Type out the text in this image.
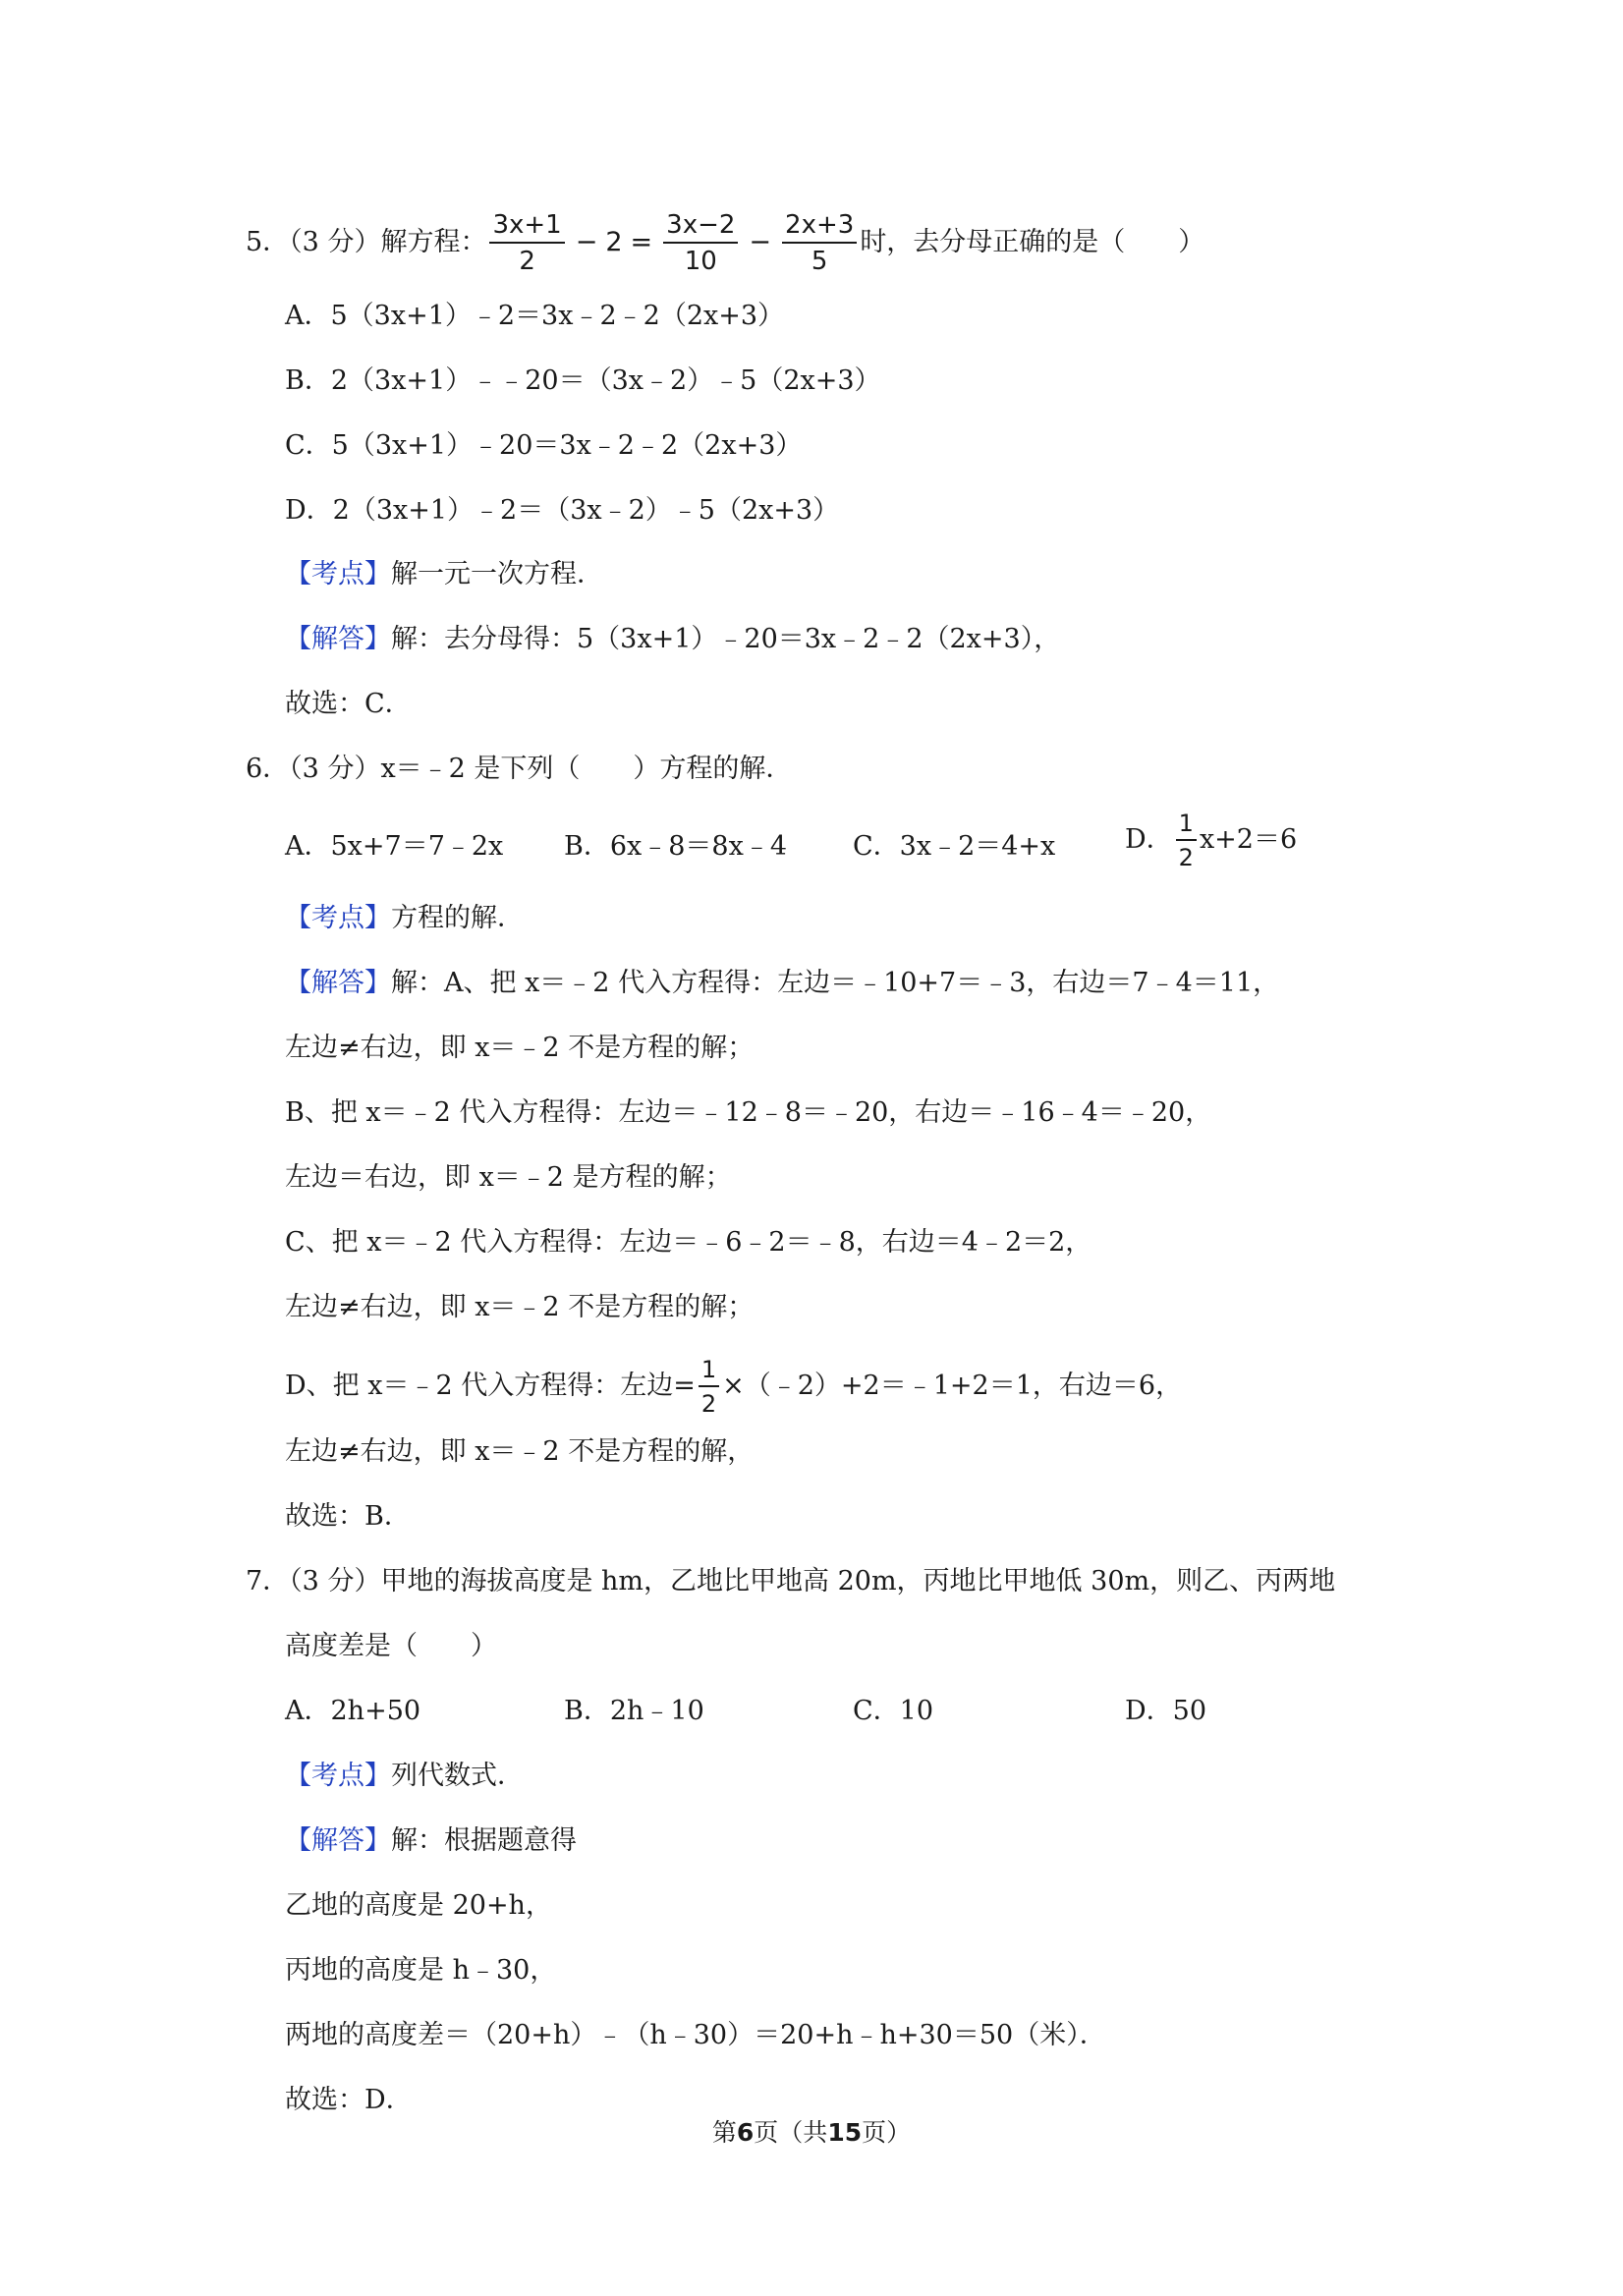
5．（3 分）解方程： $\frac{3x+1}{2} - 2 = \frac{3x-2}{10} - \frac{2x+3}{5}$ 时，去分母正确的是（　　）
A．5（3x+1）﹣2＝3x﹣2﹣2（2x+3）
B．2（3x+1）﹣﹣20＝（3x﹣2）﹣5（2x+3）
C．5（3x+1）﹣20＝3x﹣2﹣2（2x+3）
D．2（3x+1）﹣2＝（3x﹣2）﹣5（2x+3）
【考点】解一元一次方程．
【解答】解：去分母得：5（3x+1）﹣20＝3x﹣2﹣2（2x+3），
故选：C．
6．（3 分）x＝﹣2 是下列（　　）方程的解．
A．5x+7＝7﹣2x B．6x﹣8＝8x﹣4 C．3x﹣2＝4+x	D． $\frac{1}{2} x+2=6$
【考点】方程的解．
【解答】解：A、把 x＝﹣2 代入方程得：左边＝﹣10+7＝﹣3，右边＝7﹣4＝11，
左边≠右边，即 x＝﹣2 不是方程的解；
B、把 x＝﹣2 代入方程得：左边＝﹣12﹣8＝﹣20，右边＝﹣16﹣4＝﹣20，
左边＝右边，即 x＝﹣2 是方程的解；
C、把 x＝﹣2 代入方程得：左边＝﹣6﹣2＝﹣8，右边＝4﹣2＝2，
左边≠右边，即 x＝﹣2 不是方程的解；
D、把 x＝﹣2 代入方程得：左边= $\frac{1}{2}$ ×（﹣2）+2＝﹣1+2＝1，右边＝6，
左边≠右边，即 x＝﹣2 不是方程的解，
故选：B．
7．（3 分）甲地的海拔高度是 hm，乙地比甲地高 20m，丙地比甲地低 30m，则乙、丙两地
高度差是（　　）
A．2h+50	B．2h﹣10	C．10	D．50
【考点】列代数式．
【解答】解：根据题意得
乙地的高度是 20+h，
丙地的高度是 h﹣30，
两地的高度差＝（20+h）﹣（h﹣30）＝20+h﹣h+30＝50（米）．
故选：D．
第6页（共15页）
